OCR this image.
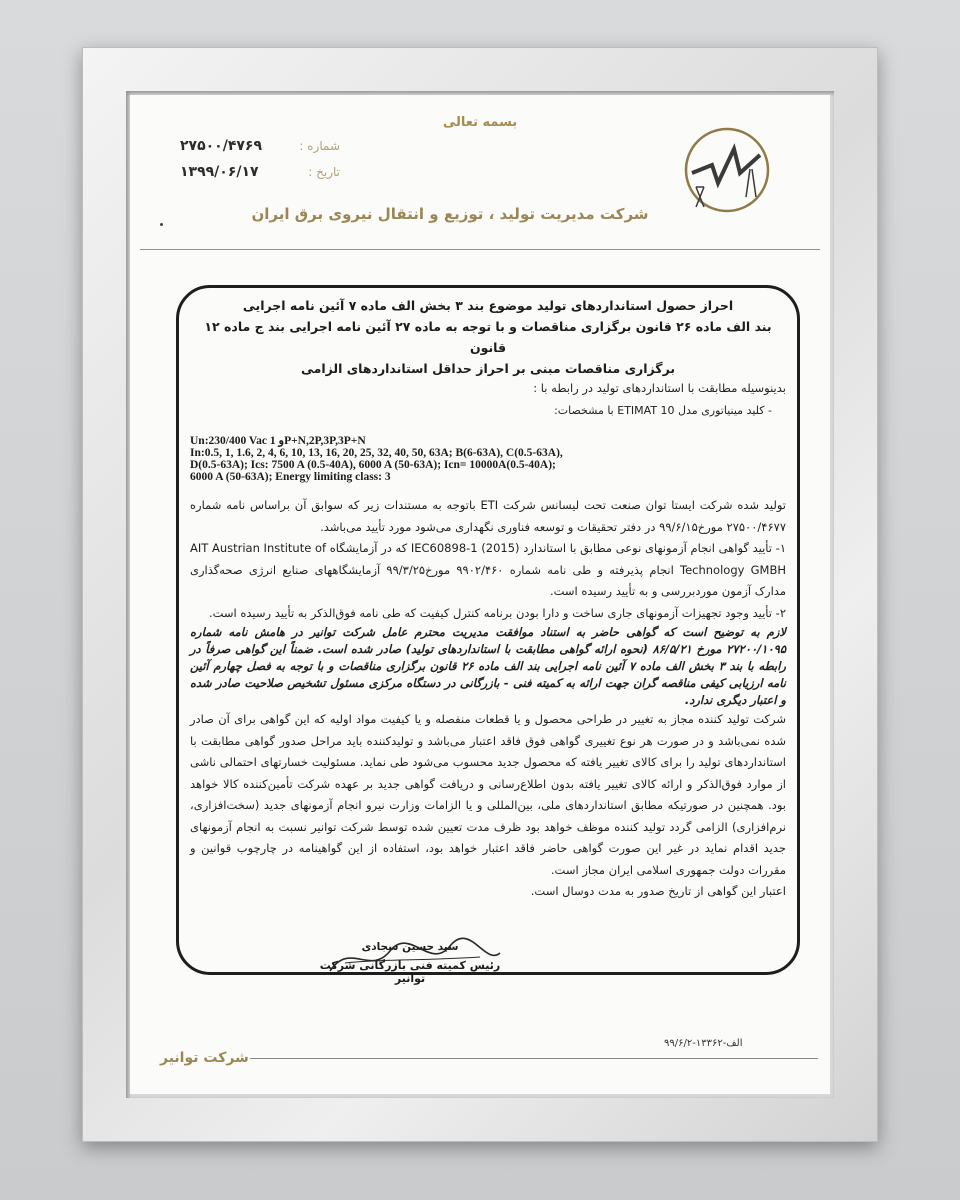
بسمه تعالی
شماره :
۲۷۵۰۰/۴۷۶۹
تاریخ :
۱۳۹۹/۰۶/۱۷
شرکت مدیریت تولید ، توزیع و انتقال نیروی برق ایران
احراز حصول استانداردهای تولید موضوع بند ۳ بخش الف ماده ۷ آئین نامه اجرایی
بند الف ماده ۲۶ قانون برگزاری مناقصات و با توجه به ماده ۲۷ آئین نامه اجرایی بند ج ماده ۱۲ قانون
برگزاری مناقصات مبنی بر احراز حداقل استانداردهای الزامی

بدینوسیله مطابقت با استانداردهای تولید در رابطه با :

- کلید مینیاتوری مدل ETIMAT 10 با مشخصات:

Un:230/400 Vac و 1P+N,2P,3P,3P+N
In:0.5, 1, 1.6, 2, 4, 6, 10, 13, 16, 20, 25, 32, 40, 50, 63A; B(6-63A), C(0.5-63A),
D(0.5-63A); Ics: 7500 A (0.5-40A), 6000 A (50-63A); Icn= 10000A(0.5-40A);
6000 A (50-63A); Energy limiting class: 3

تولید شده شرکت ایستا توان صنعت تحت لیسانس شرکت ETI باتوجه به مستندات زیر که سوابق آن براساس نامه شماره ۲۷۵۰۰/۴۶۷۷ مورخ۹۹/۶/۱۵ در دفتر تحقیقات و توسعه فناوری نگهداری می‌شود مورد تأیید می‌باشد.

۱- تأیید گواهی انجام آزمونهای نوعی مطابق با استاندارد IEC60898-1 (2015) که در آزمایشگاه AIT Austrian Institute of Technology GMBH انجام پذیرفته و طی نامه شماره ۹۹۰۲/۴۶۰ مورخ۹۹/۳/۲۵ آزمایشگاههای صنایع انرژی صحه‌گذاری مدارک آزمون موردبررسی و به تأیید رسیده است.

۲- تأیید وجود تجهیزات آزمونهای جاری ساخت و دارا بودن برنامه کنترل کیفیت که طی نامه فوق‌الذکر به تأیید رسیده است.

لازم به توضیح است که گواهی حاضر به استناد موافقت مدیریت محترم عامل شرکت توانیر در هامش نامه شماره ۲۷۲۰۰/۱۰۹۵ مورخ ۸۶/۵/۲۱ (نحوه ارائه گواهی مطابقت با استانداردهای تولید) صادر شده است. ضمناً این گواهی صرفاً در رابطه با بند ۳ بخش الف ماده ۷ آئین نامه اجرایی بند الف ماده ۲۶ قانون برگزاری مناقصات و با توجه به فصل چهارم آئین نامه ارزیابی کیفی مناقصه گران جهت ارائه به کمیته فنی - بازرگانی در دستگاه مرکزی مسئول تشخیص صلاحیت صادر شده و اعتبار دیگری ندارد.

شرکت تولید کننده مجاز به تغییر در طراحی محصول و یا قطعات منفصله و یا کیفیت مواد اولیه که این گواهی برای آن صادر شده نمی‌باشد و در صورت هر نوع تغییری گواهی فوق فاقد اعتبار می‌باشد و تولیدکننده باید مراحل صدور گواهی مطابقت با استانداردهای تولید را برای کالای تغییر یافته که محصول جدید محسوب می‌شود طی نماید. مسئولیت خسارتهای احتمالی ناشی از موارد فوق‌الذکر و ارائه کالای تغییر یافته بدون اطلاع‌رسانی و دریافت گواهی جدید بر عهده شرکت تأمین‌کننده کالا خواهد بود. همچنین در صورتیکه مطابق استانداردهای ملی، بین‌المللی و یا الزامات وزارت نیرو انجام آزمونهای جدید (سخت‌افزاری، نرم‌افزاری) الزامی گردد تولید کننده موظف خواهد بود ظرف مدت تعیین شده توسط شرکت توانیر نسبت به انجام آزمونهای جدید اقدام نماید در غیر این صورت گواهی حاضر فاقد اعتبار خواهد بود، استفاده از این گواهینامه در چارچوب قوانین و مقررات دولت جمهوری اسلامی ایران مجاز است.

اعتبار این گواهی از تاریخ صدور به مدت دوسال است.

سید حسین سجادی
رئیس کمیته فنی بازرگانی شرکت توانیر
الف-۱۳۳۶۲-۹۹/۶/۲
شرکت توانیر
